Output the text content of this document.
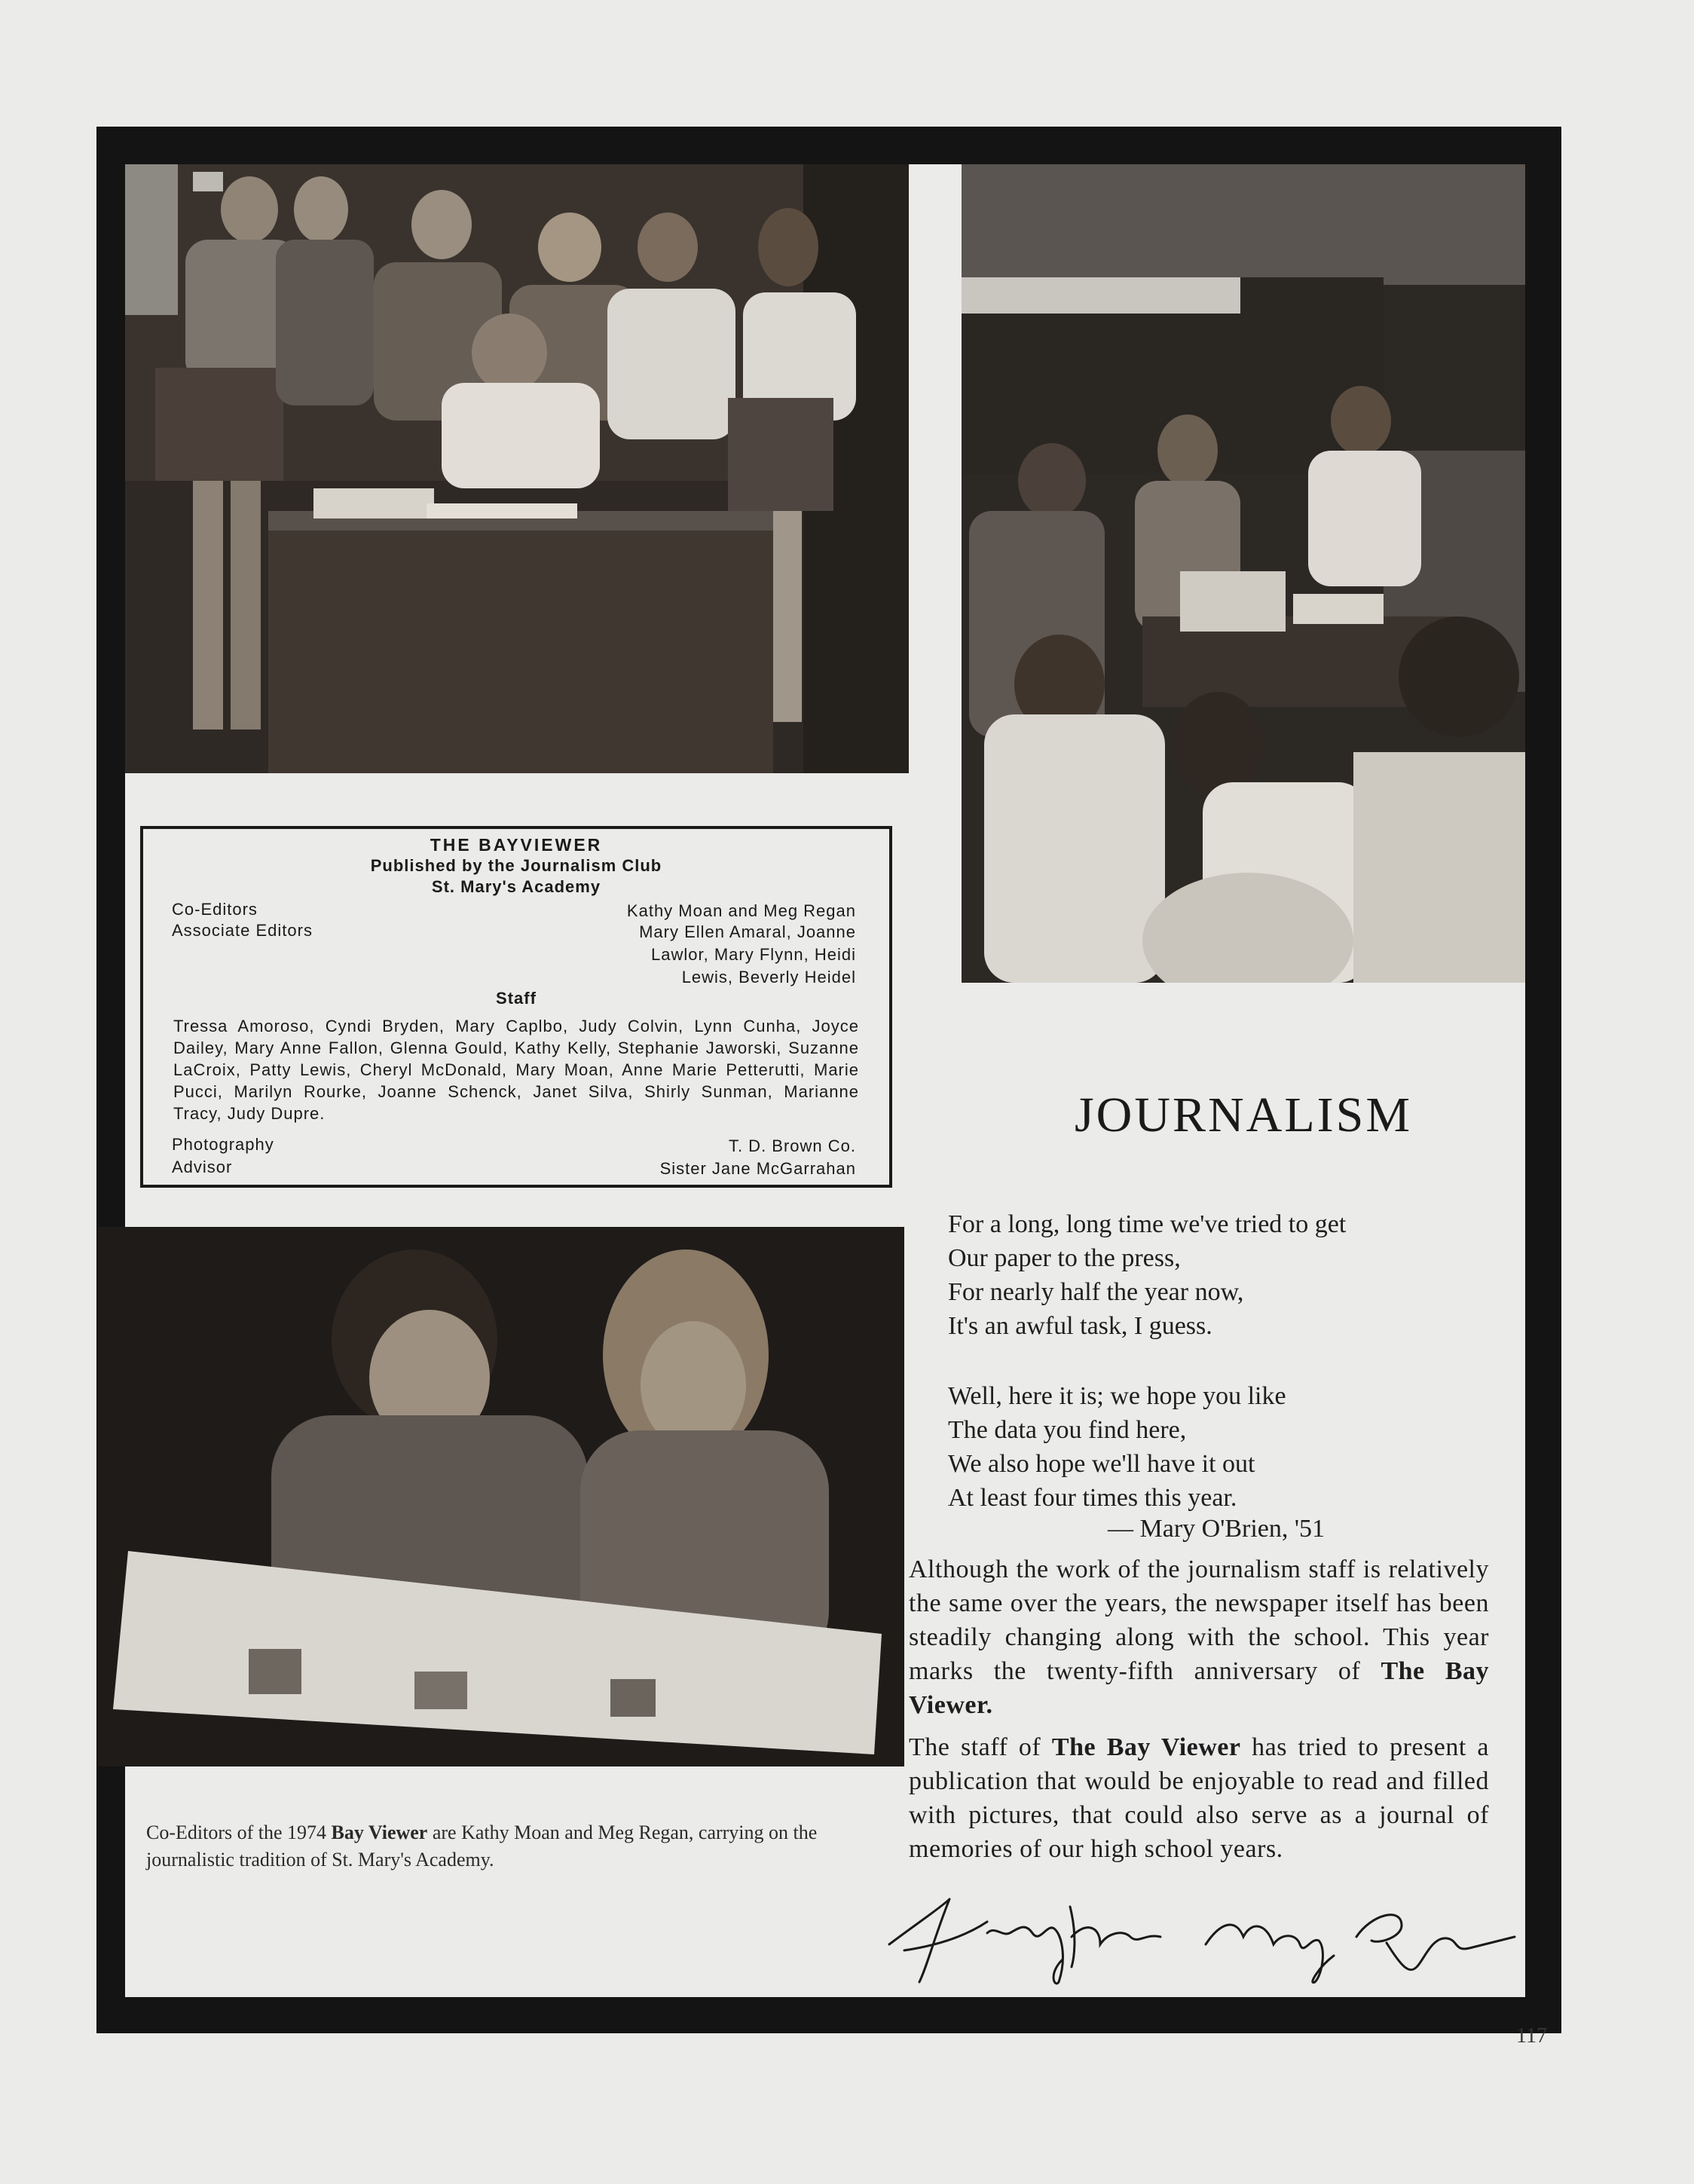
THE BAYVIEWER
Published by the Journalism Club
St. Mary's Academy
Co-Editors	Kathy Moan and Meg Regan
Associate Editors	Mary Ellen Amaral, Joanne
Lawlor, Mary Flynn, Heidi
Lewis, Beverly Heidel
Staff
Tressa Amoroso, Cyndi Bryden, Mary Caplbo, Judy Colvin, Lynn Cunha, Joyce Dailey, Mary Anne Fallon, Glenna Gould, Kathy Kelly, Stephanie Jaworski, Suzanne LaCroix, Patty Lewis, Cheryl McDonald, Mary Moan, Anne Marie Petterutti, Marie Pucci, Marilyn Rourke, Joanne Schenck, Janet Silva, Shirly Sunman, Marianne Tracy, Judy Dupre.
Photography	T. D. Brown Co.
Advisor	Sister Jane McGarrahan
JOURNALISM
For a long, long time we've tried to get
Our paper to the press,
For nearly half the year now,
It's an awful task, I guess.
Well, here it is; we hope you like
The data you find here,
We also hope we'll have it out
At least four times this year.
— Mary O'Brien, '51
Although the work of the journalism staff is relatively the same over the years, the newspaper itself has been steadily changing along with the school. This year marks the twenty-fifth anniversary of The Bay Viewer.
The staff of The Bay Viewer has tried to present a publication that would be enjoyable to read and filled with pictures, that could also serve as a journal of memories of our high school years.
Co-Editors of the 1974 Bay Viewer are Kathy Moan and Meg Regan, carrying on the journalistic tradition of St. Mary's Academy.
117
